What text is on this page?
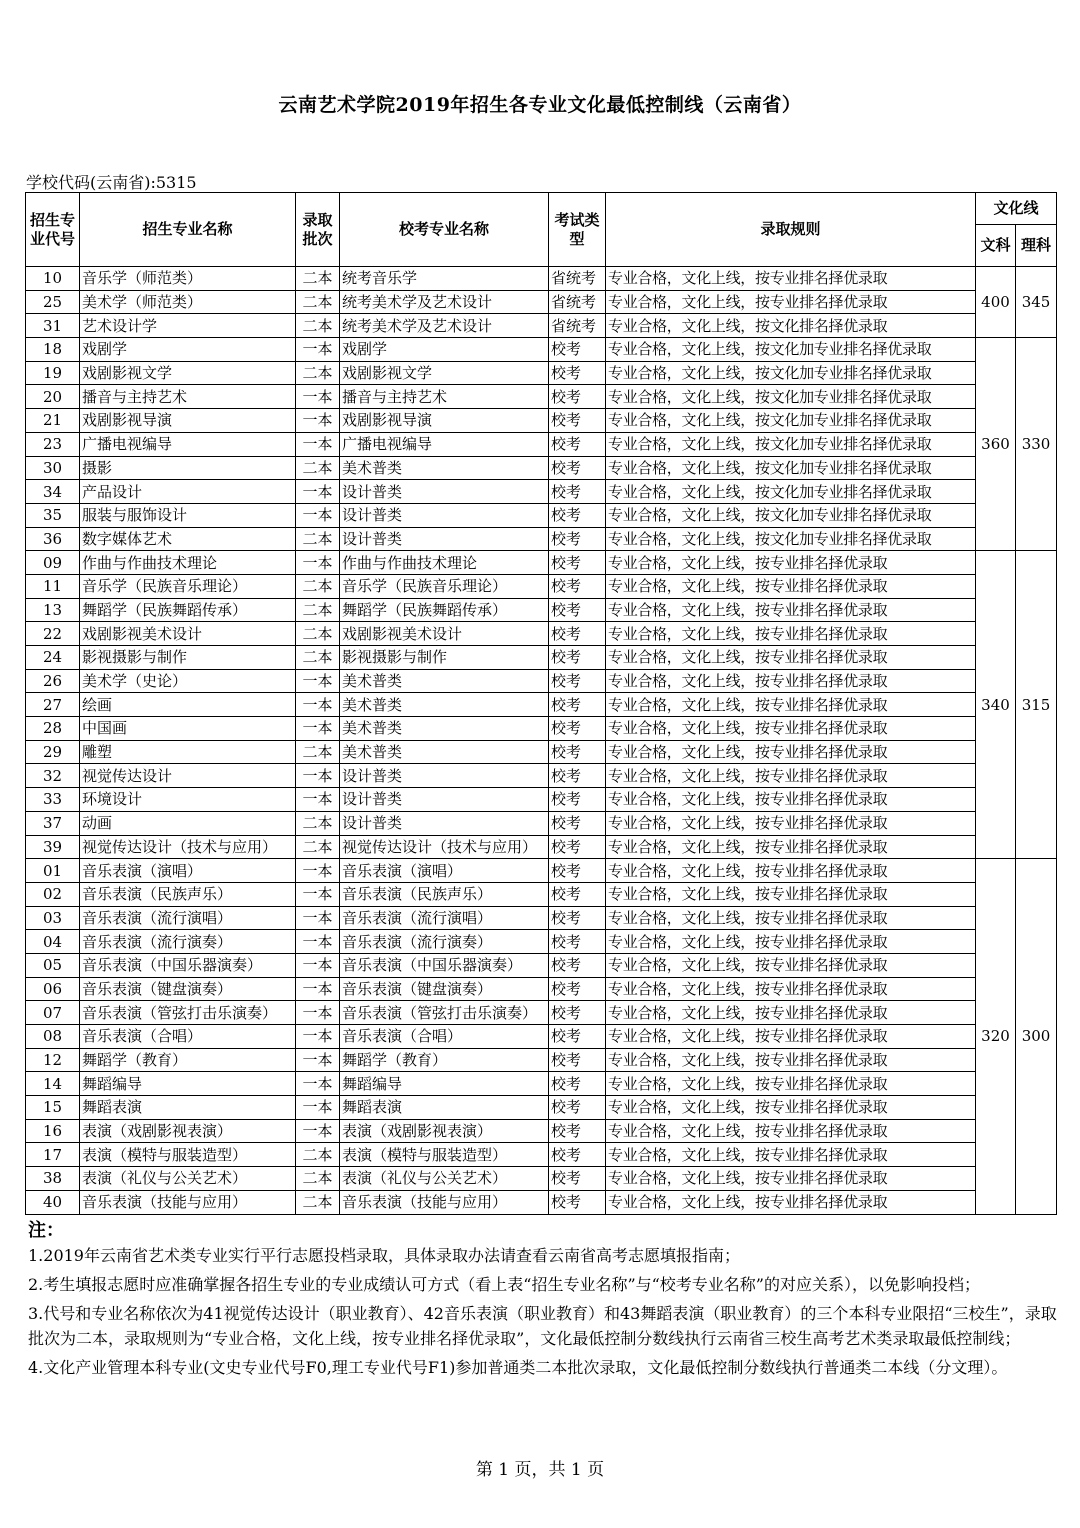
云南艺术学院2019年招生各专业文化最低控制线（云南省）
学校代码(云南省):5315
招生专业代号	招生专业名称	录取批次	校考专业名称	考试类型	录取规则	文化线	
						文科	理科
10	音乐学（师范类）	二本	统考音乐学	省统考	专业合格，文化上线，按专业排名择优录取	400	345
25	美术学（师范类）	二本	统考美术学及艺术设计	省统考	专业合格，文化上线，按专业排名择优录取		
31	艺术设计学	二本	统考美术学及艺术设计	省统考	专业合格，文化上线，按文化排名择优录取		
18	戏剧学	一本	戏剧学	校考	专业合格，文化上线，按文化加专业排名择优录取	360	330
19	戏剧影视文学	二本	戏剧影视文学	校考	专业合格，文化上线，按文化加专业排名择优录取		
20	播音与主持艺术	一本	播音与主持艺术	校考	专业合格，文化上线，按文化加专业排名择优录取		
21	戏剧影视导演	一本	戏剧影视导演	校考	专业合格，文化上线，按文化加专业排名择优录取		
23	广播电视编导	一本	广播电视编导	校考	专业合格，文化上线，按文化加专业排名择优录取		
30	摄影	二本	美术普类	校考	专业合格，文化上线，按文化加专业排名择优录取		
34	产品设计	一本	设计普类	校考	专业合格，文化上线，按文化加专业排名择优录取		
35	服装与服饰设计	一本	设计普类	校考	专业合格，文化上线，按文化加专业排名择优录取		
36	数字媒体艺术	二本	设计普类	校考	专业合格，文化上线，按文化加专业排名择优录取		
09	作曲与作曲技术理论	一本	作曲与作曲技术理论	校考	专业合格，文化上线，按专业排名择优录取	340	315
11	音乐学（民族音乐理论）	二本	音乐学（民族音乐理论）	校考	专业合格，文化上线，按专业排名择优录取		
13	舞蹈学（民族舞蹈传承）	二本	舞蹈学（民族舞蹈传承）	校考	专业合格，文化上线，按专业排名择优录取		
22	戏剧影视美术设计	二本	戏剧影视美术设计	校考	专业合格，文化上线，按专业排名择优录取		
24	影视摄影与制作	二本	影视摄影与制作	校考	专业合格，文化上线，按专业排名择优录取		
26	美术学（史论）	一本	美术普类	校考	专业合格，文化上线，按专业排名择优录取		
27	绘画	一本	美术普类	校考	专业合格，文化上线，按专业排名择优录取		
28	中国画	一本	美术普类	校考	专业合格，文化上线，按专业排名择优录取		
29	雕塑	二本	美术普类	校考	专业合格，文化上线，按专业排名择优录取		
32	视觉传达设计	一本	设计普类	校考	专业合格，文化上线，按专业排名择优录取		
33	环境设计	一本	设计普类	校考	专业合格，文化上线，按专业排名择优录取		
37	动画	二本	设计普类	校考	专业合格，文化上线，按专业排名择优录取		
39	视觉传达设计（技术与应用）	二本	视觉传达设计（技术与应用）	校考	专业合格，文化上线，按专业排名择优录取		
01	音乐表演（演唱）	一本	音乐表演（演唱）	校考	专业合格，文化上线，按专业排名择优录取	320	300
02	音乐表演（民族声乐）	一本	音乐表演（民族声乐）	校考	专业合格，文化上线，按专业排名择优录取		
03	音乐表演（流行演唱）	一本	音乐表演（流行演唱）	校考	专业合格，文化上线，按专业排名择优录取		
04	音乐表演（流行演奏）	一本	音乐表演（流行演奏）	校考	专业合格，文化上线，按专业排名择优录取		
05	音乐表演（中国乐器演奏）	一本	音乐表演（中国乐器演奏）	校考	专业合格，文化上线，按专业排名择优录取		
06	音乐表演（键盘演奏）	一本	音乐表演（键盘演奏）	校考	专业合格，文化上线，按专业排名择优录取		
07	音乐表演（管弦打击乐演奏）	一本	音乐表演（管弦打击乐演奏）	校考	专业合格，文化上线，按专业排名择优录取		
08	音乐表演（合唱）	一本	音乐表演（合唱）	校考	专业合格，文化上线，按专业排名择优录取		
12	舞蹈学（教育）	一本	舞蹈学（教育）	校考	专业合格，文化上线，按专业排名择优录取		
14	舞蹈编导	一本	舞蹈编导	校考	专业合格，文化上线，按专业排名择优录取		
15	舞蹈表演	一本	舞蹈表演	校考	专业合格，文化上线，按专业排名择优录取		
16	表演（戏剧影视表演）	一本	表演（戏剧影视表演）	校考	专业合格，文化上线，按专业排名择优录取		
17	表演（模特与服装造型）	二本	表演（模特与服装造型）	校考	专业合格，文化上线，按专业排名择优录取		
38	表演（礼仪与公关艺术）	二本	表演（礼仪与公关艺术）	校考	专业合格，文化上线，按专业排名择优录取		
40	音乐表演（技能与应用）	二本	音乐表演（技能与应用）	校考	专业合格，文化上线，按专业排名择优录取		
注：

1.2019年云南省艺术类专业实行平行志愿投档录取，具体录取办法请查看云南省高考志愿填报指南；

2.考生填报志愿时应准确掌握各招生专业的专业成绩认可方式（看上表“招生专业名称”与“校考专业名称”的对应关系），以免影响投档；

3.代号和专业名称依次为41视觉传达设计（职业教育）、42音乐表演（职业教育）和43舞蹈表演（职业教育）的三个本科专业限招“三校生”，录取批次为二本，录取规则为“专业合格，文化上线，按专业排名择优录取”，文化最低控制分数线执行云南省三校生高考艺术类录取最低控制线；

4.文化产业管理本科专业(文史专业代号F0,理工专业代号F1)参加普通类二本批次录取，文化最低控制分数线执行普通类二本线（分文理）。

第 1 页，共 1 页
